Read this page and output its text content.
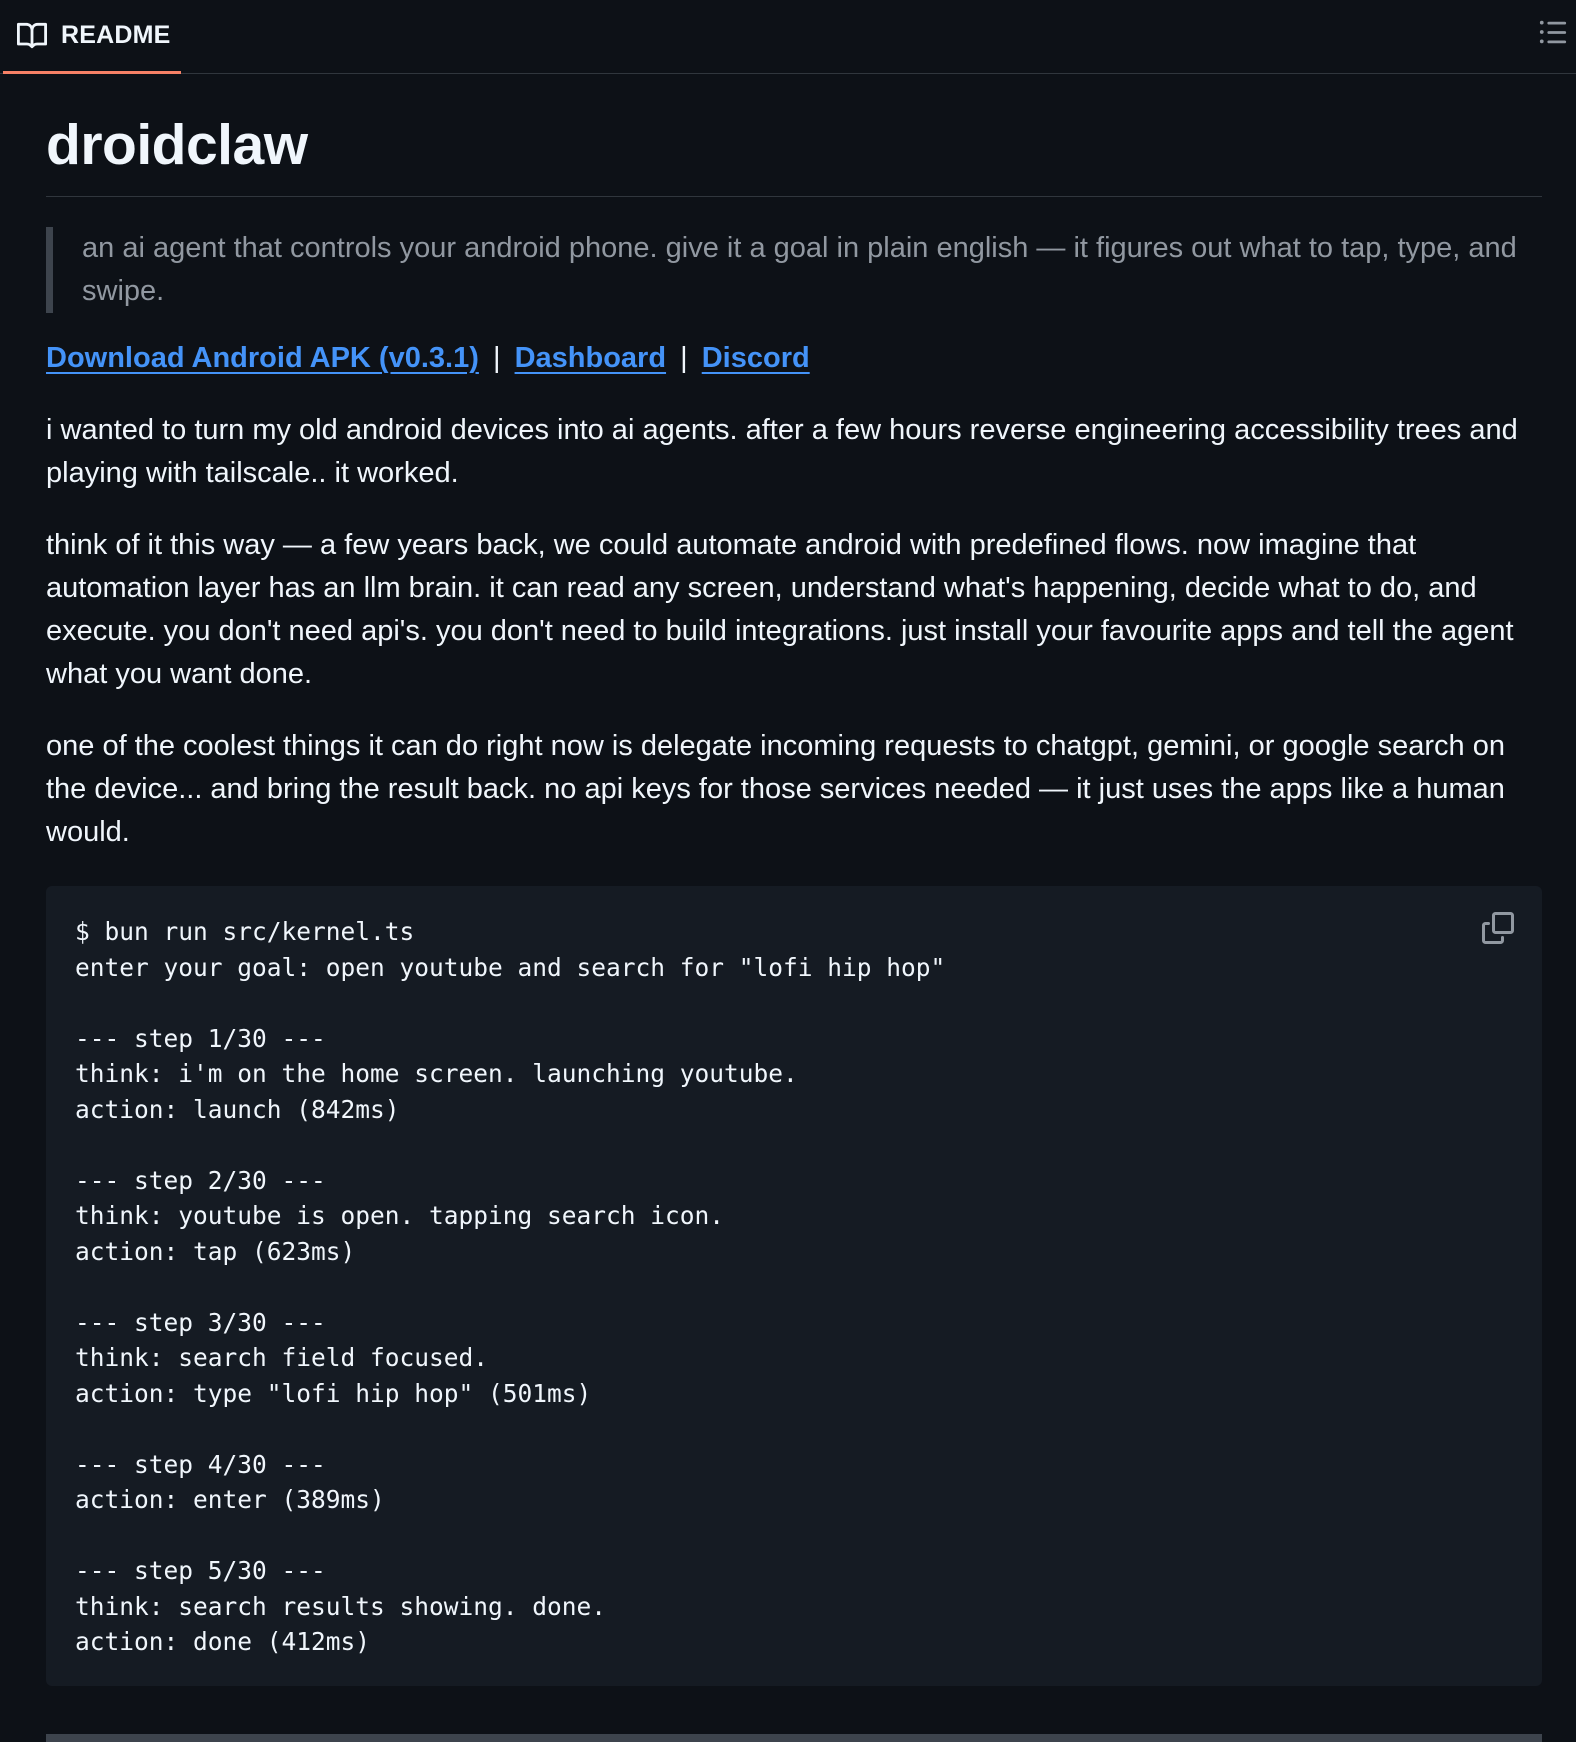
README
droidclaw
an ai agent that controls your android phone. give it a goal in plain english — it figures out what to tap, type, and swipe.
Download Android APK (v0.3.1) | Dashboard | Discord
i wanted to turn my old android devices into ai agents. after a few hours reverse engineering accessibility trees and playing with tailscale.. it worked.
think of it this way — a few years back, we could automate android with predefined flows. now imagine that automation layer has an llm brain. it can read any screen, understand what's happening, decide what to do, and execute. you don't need api's. you don't need to build integrations. just install your favourite apps and tell the agent what you want done.
one of the coolest things it can do right now is delegate incoming requests to chatgpt, gemini, or google search on the device... and bring the result back. no api keys for those services needed — it just uses the apps like a human would.
$ bun run src/kernel.ts
enter your goal: open youtube and search for "lofi hip hop"
--- step 1/30 ---
think: i'm on the home screen. launching youtube.
action: launch (842ms)
--- step 2/30 ---
think: youtube is open. tapping search icon.
action: tap (623ms)
--- step 3/30 ---
think: search field focused.
action: type "lofi hip hop" (501ms)
--- step 4/30 ---
action: enter (389ms)
--- step 5/30 ---
think: search results showing. done.
action: done (412ms)
